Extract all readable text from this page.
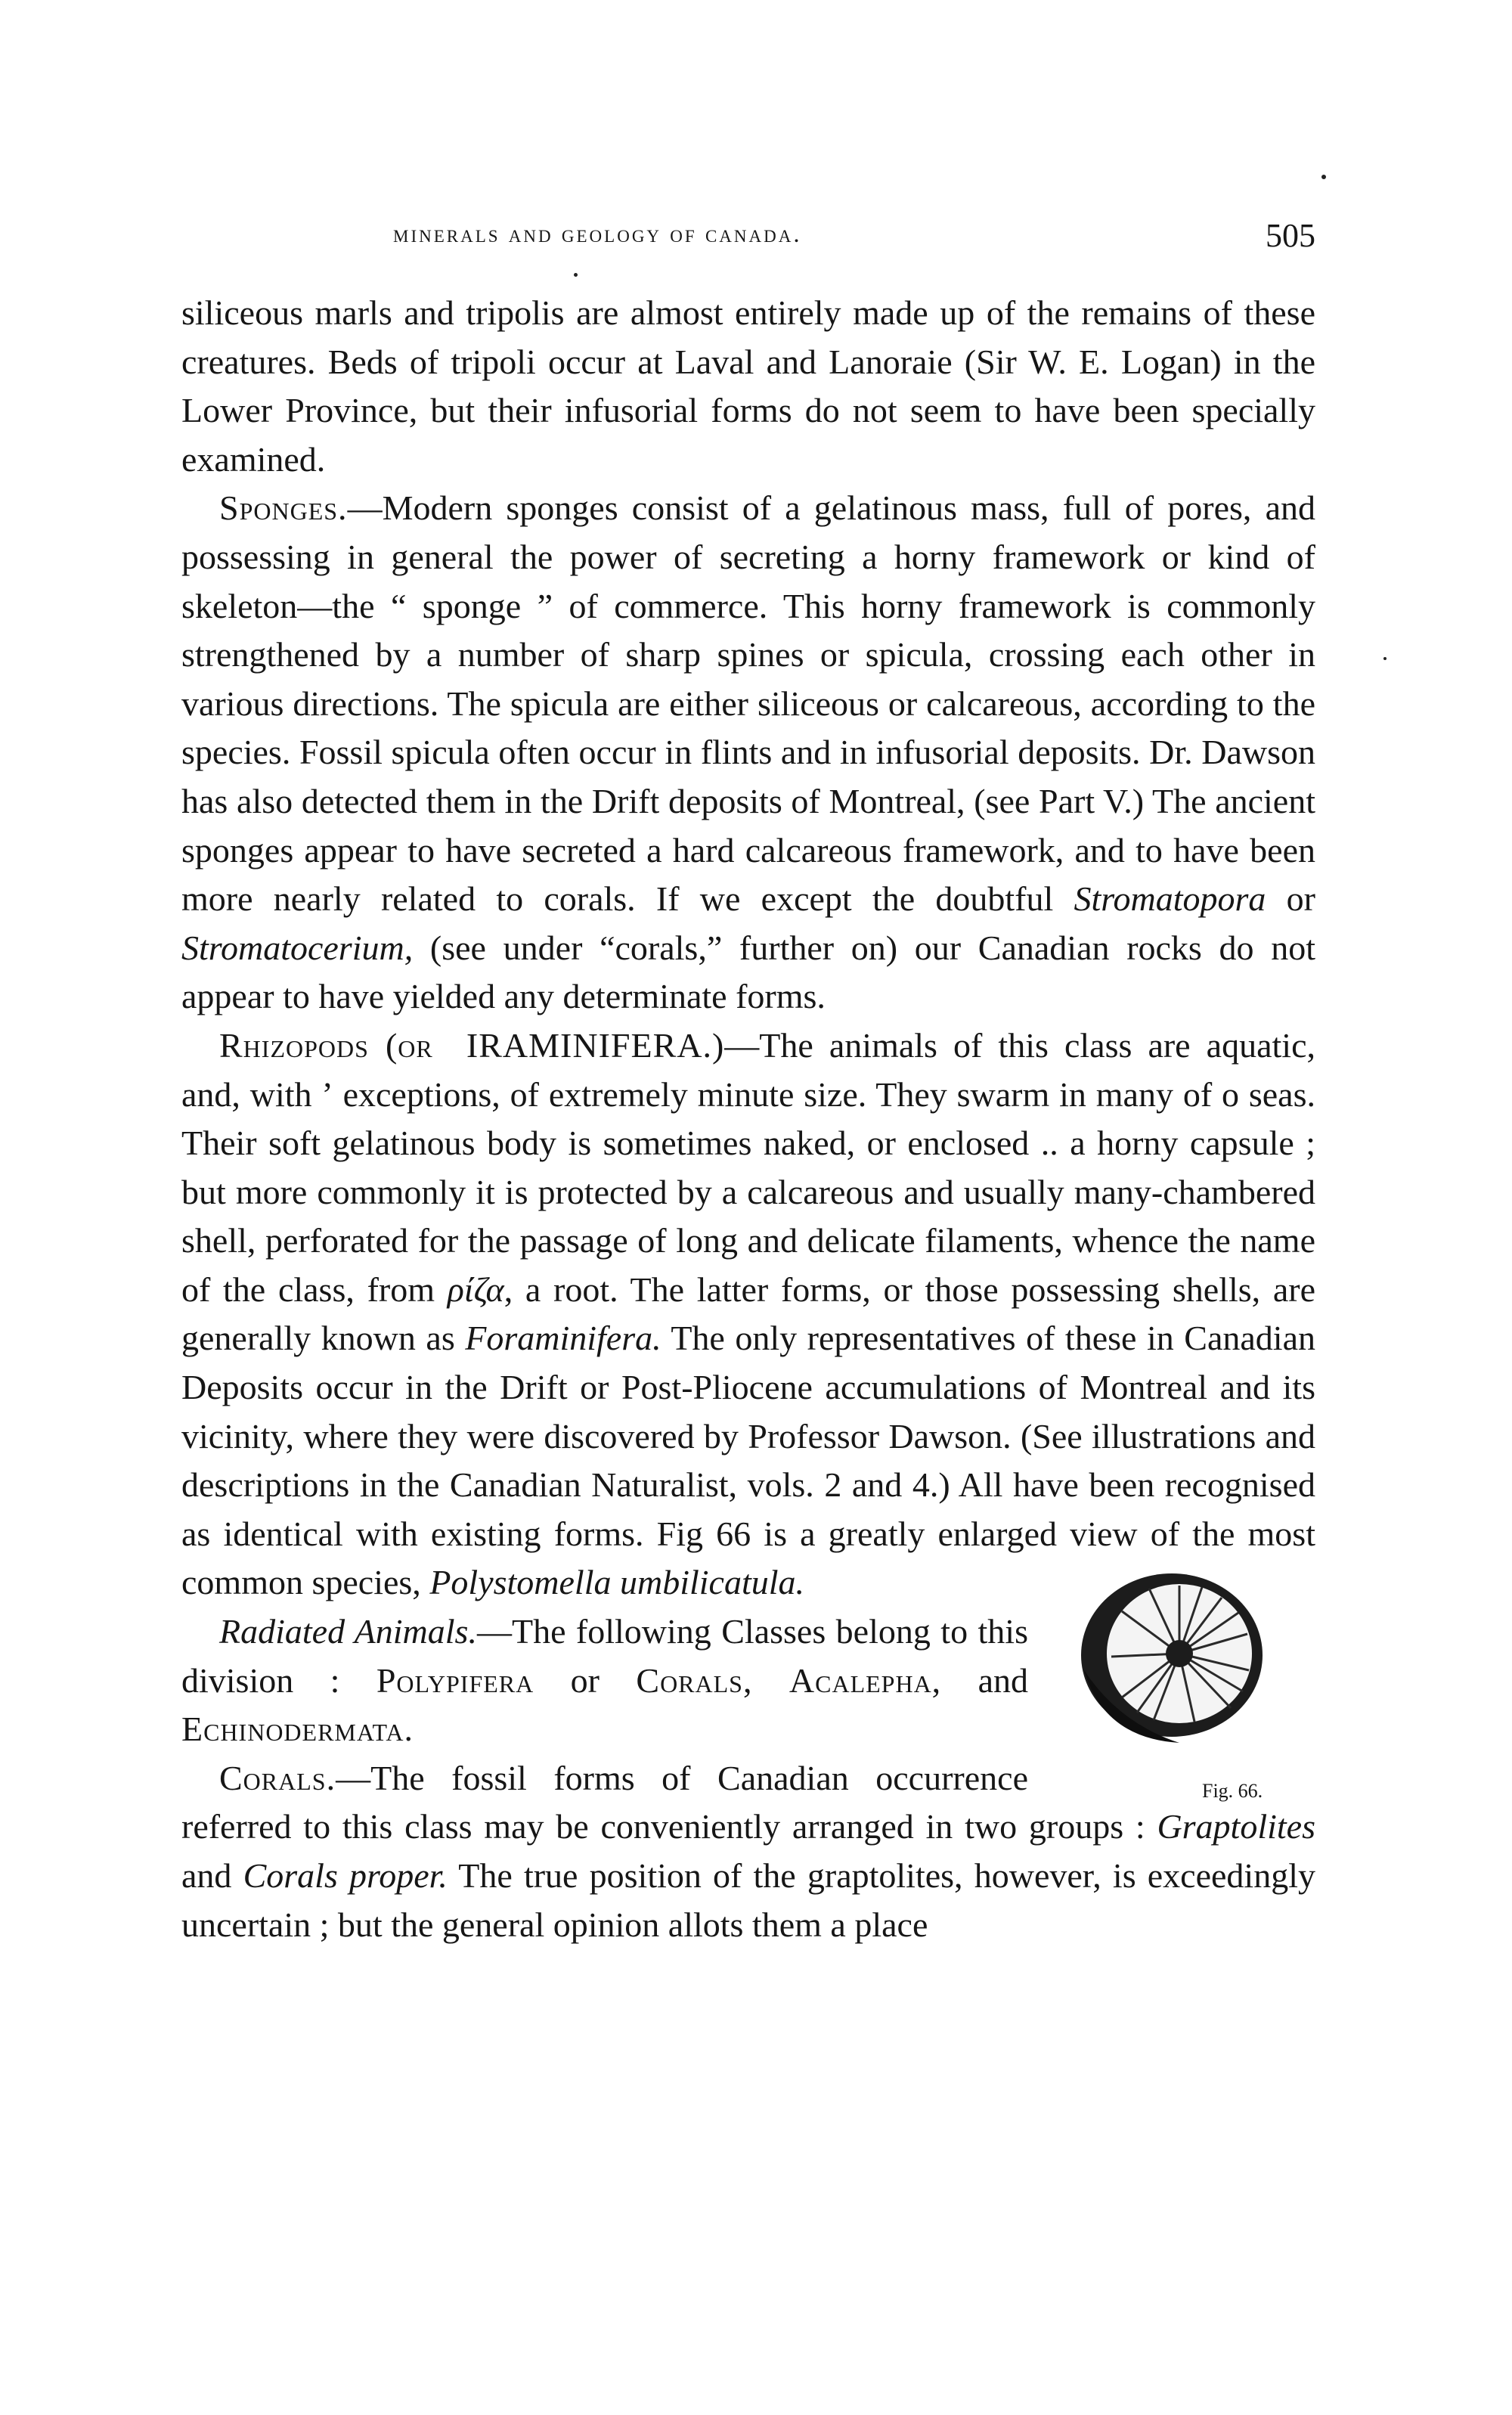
minerals and geology of canada.	505

siliceous marls and tripolis are almost entirely made up of the remains of these creatures. Beds of tripoli occur at Laval and Lanoraie (Sir W. E. Logan) in the Lower Province, but their infusorial forms do not seem to have been specially examined.

Sponges.—Modern sponges consist of a gelatinous mass, full of pores, and possessing in general the power of secreting a horny framework or kind of skeleton—the “ sponge ” of commerce. This horny framework is commonly strengthened by a number of sharp spines or spicula, crossing each other in various directions. The spicula are either siliceous or calcareous, according to the species. Fossil spicula often occur in flints and in infusorial deposits. Dr. Dawson has also detected them in the Drift deposits of Montreal, (see Part V.) The ancient sponges appear to have secreted a hard calcareous framework, and to have been more nearly related to corals. If we except the doubtful Stromatopora or Stromatocerium, (see under “corals,” further on) our Canadian rocks do not appear to have yielded any determinate forms.

Rhizopods (or ‍ ӀRAMINIFERA.)—The animals of this class are aquatic, and, with ʼ exceptions, of extremely minute size. They swarm in many of o seas. Their soft gelatinous body is sometimes naked, or enclosed .. a horny capsule ; but more commonly it is protected by a calcareous and usually many-chambered shell, perforated for the passage of long and delicate filaments, whence the name of the class, from ρίζα, a root. The latter forms, or those possessing shells, are generally known as Foraminifera. The only representatives of these in Canadian Deposits occur in the Drift or Post-Pliocene accumulations of Montreal and its vicinity, where they were discovered by Professor Dawson. (See illustrations and descriptions in the Canadian Naturalist, vols. 2 and 4.) All have been recognised as identical with existing forms. Fig 66 is a greatly enlarged view of the most common species,
Fig. 66.
Polystomella umbilicatula.

Radiated Animals.—The following Classes belong to this division : Polypifera or Corals, Acalepha, and Echinodermata.

Corals.—The fossil forms of Canadian occurrence referred to this class may be conveniently arranged in two groups : Graptolites and Corals proper. The true position of the graptolites, however, is exceedingly uncertain ; but the general opinion allots them a place
